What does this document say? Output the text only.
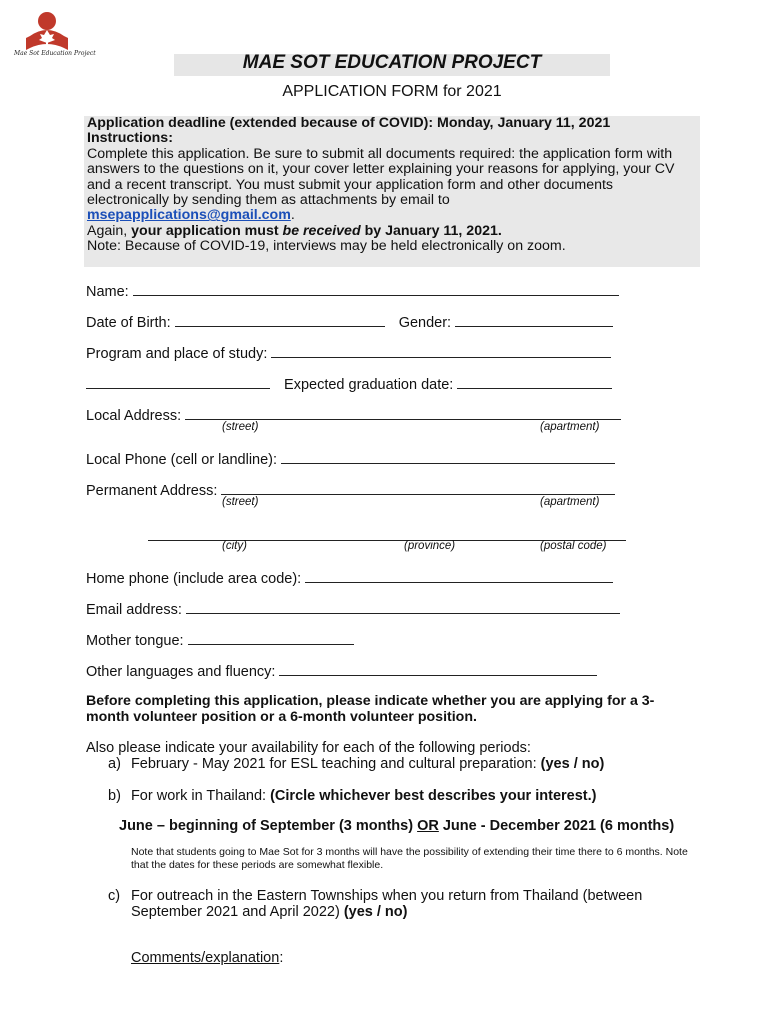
Mae Sot Education Project	MAE SOT EDUCATION PROJECT
APPLICATION FORM for 2021

Application deadline (extended because of COVID): Monday, January 11, 2021

Instructions:

Complete this application. Be sure to submit all documents required: the application form with answers to the questions on it, your cover letter explaining your reasons for applying, your CV and a recent transcript. You must submit your application form and other documents electronically by sending them as attachments by email to
msepapplications@gmail.com.

Again, your application must be received by January 11, 2021.

Note: Because of COVID-19, interviews may be held electronically on zoom.

Name:
Date of Birth:	Gender:
Program and place of study:
Expected graduation date:
Local Address:
(street)	(apartment)
Local Phone (cell or landline):
Permanent Address:
(street)	(apartment)
(city)	(province)	(postal code)
Home phone (include area code):
Email address:
Mother tongue:
Other languages and fluency:
Before completing this application, please indicate whether you are applying for a 3-month volunteer position or a 6-month volunteer position.
Also please indicate your availability for each of the following periods:
a) February - May 2021 for ESL teaching and cultural preparation: (yes / no)
b) For work in Thailand: (Circle whichever best describes your interest.)
June – beginning of September (3 months) OR June - December 2021 (6 months)
Note that students going to Mae Sot for 3 months will have the possibility of extending their time there to 6 months. Note that the dates for these periods are somewhat flexible.
c) For outreach in the Eastern Townships when you return from Thailand (between September 2021 and April 2022) (yes / no)
Comments/explanation:
